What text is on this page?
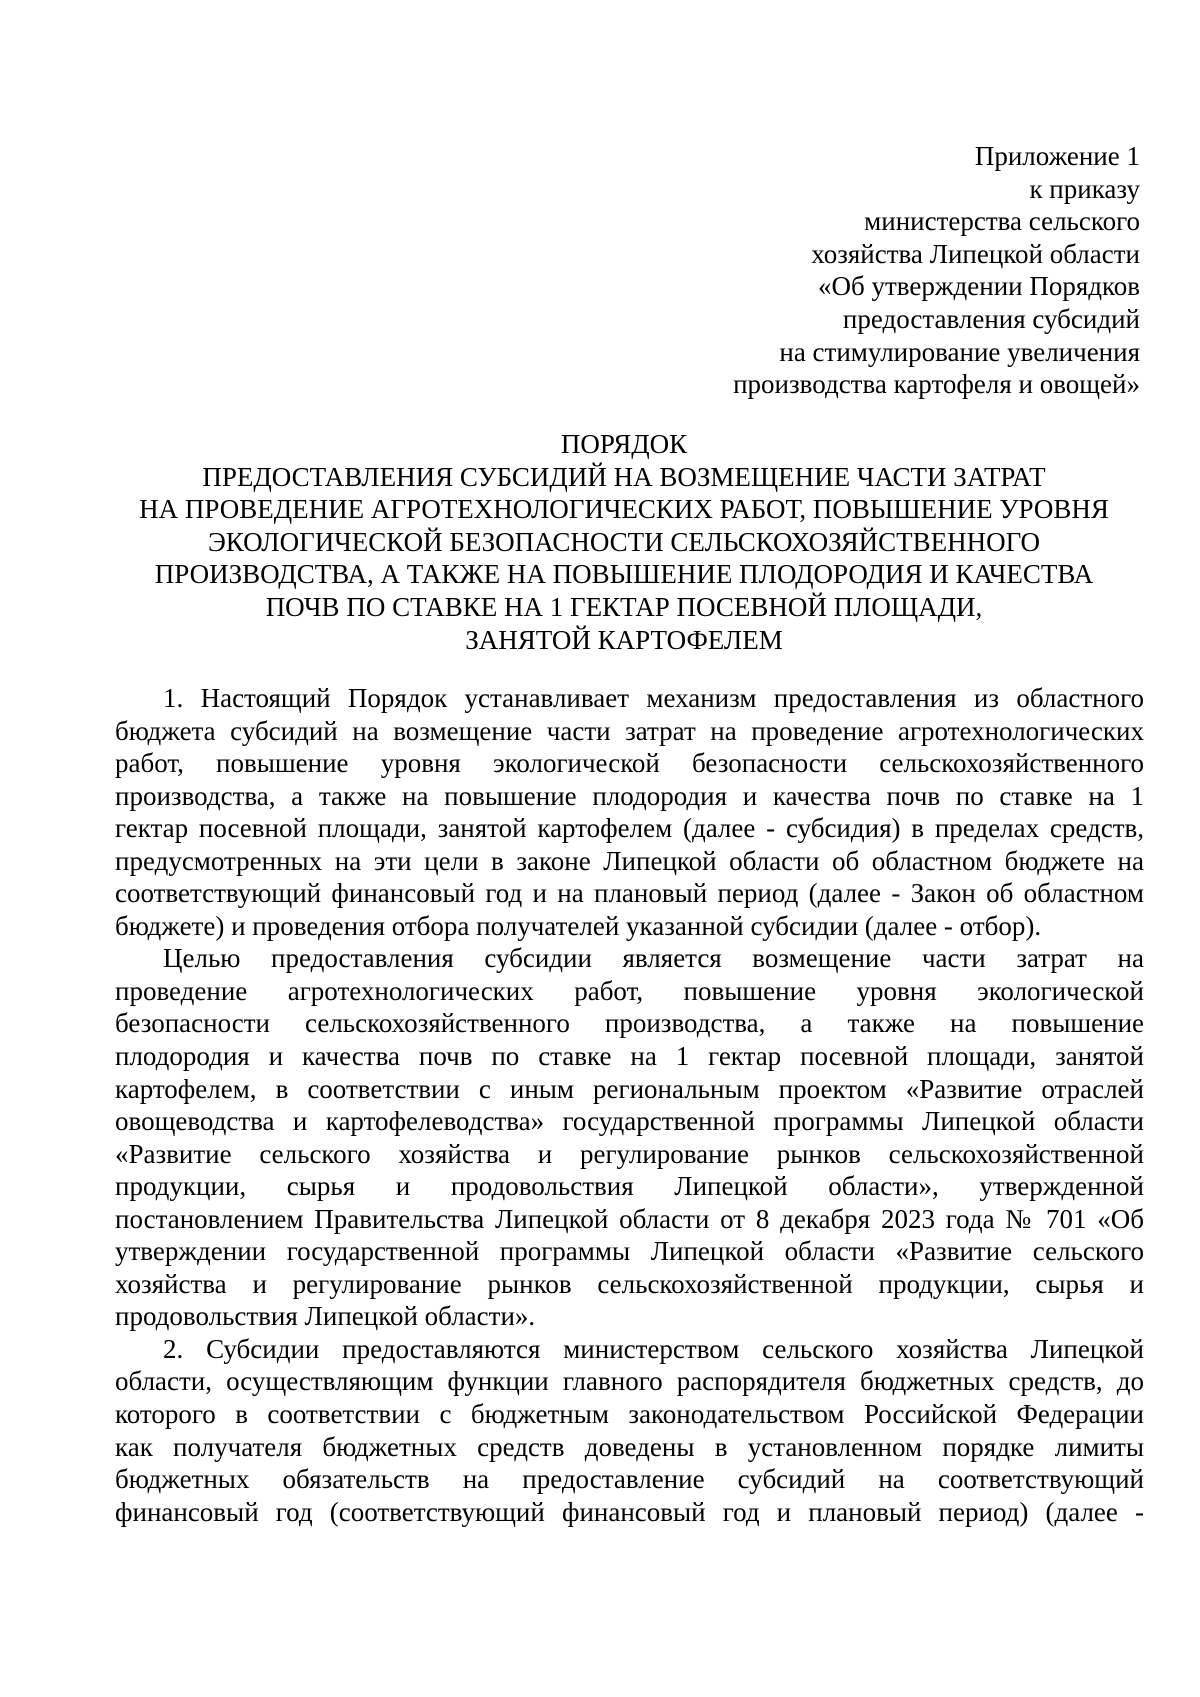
Приложение 1
к приказу
министерства сельского
хозяйства Липецкой области
«Об утверждении Порядков
предоставления субсидий
на стимулирование увеличения
производства картофеля и овощей»
ПОРЯДОК
ПРЕДОСТАВЛЕНИЯ СУБСИДИЙ НА ВОЗМЕЩЕНИЕ ЧАСТИ ЗАТРАТ
НА ПРОВЕДЕНИЕ АГРОТЕХНОЛОГИЧЕСКИХ РАБОТ, ПОВЫШЕНИЕ УРОВНЯ
ЭКОЛОГИЧЕСКОЙ БЕЗОПАСНОСТИ СЕЛЬСКОХОЗЯЙСТВЕННОГО
ПРОИЗВОДСТВА, А ТАКЖЕ НА ПОВЫШЕНИЕ ПЛОДОРОДИЯ И КАЧЕСТВА
ПОЧВ ПО СТАВКЕ НА 1 ГЕКТАР ПОСЕВНОЙ ПЛОЩАДИ,
ЗАНЯТОЙ КАРТОФЕЛЕМ
1. Настоящий Порядок устанавливает механизм предоставления из областного
бюджета субсидий на возмещение части затрат на проведение агротехнологических
работ, повышение уровня экологической безопасности сельскохозяйственного
производства, а также на повышение плодородия и качества почв по ставке на 1
гектар посевной площади, занятой картофелем (далее - субсидия) в пределах средств,
предусмотренных на эти цели в законе Липецкой области об областном бюджете на
соответствующий финансовый год и на плановый период (далее - Закон об областном
бюджете) и проведения отбора получателей указанной субсидии (далее - отбор).
Целью предоставления субсидии является возмещение части затрат на
проведение агротехнологических работ, повышение уровня экологической
безопасности сельскохозяйственного производства, а также на повышение
плодородия и качества почв по ставке на 1 гектар посевной площади, занятой
картофелем, в соответствии с иным региональным проектом «Развитие отраслей
овощеводства и картофелеводства» государственной программы Липецкой области
«Развитие сельского хозяйства и регулирование рынков сельскохозяйственной
продукции, сырья и продовольствия Липецкой области», утвержденной
постановлением Правительства Липецкой области от 8 декабря 2023 года № 701 «Об
утверждении государственной программы Липецкой области «Развитие сельского
хозяйства и регулирование рынков сельскохозяйственной продукции, сырья и
продовольствия Липецкой области».
2. Субсидии предоставляются министерством сельского хозяйства Липецкой
области, осуществляющим функции главного распорядителя бюджетных средств, до
которого в соответствии с бюджетным законодательством Российской Федерации
как получателя бюджетных средств доведены в установленном порядке лимиты
бюджетных обязательств на предоставление субсидий на соответствующий
финансовый год (соответствующий финансовый год и плановый период) (далее -
